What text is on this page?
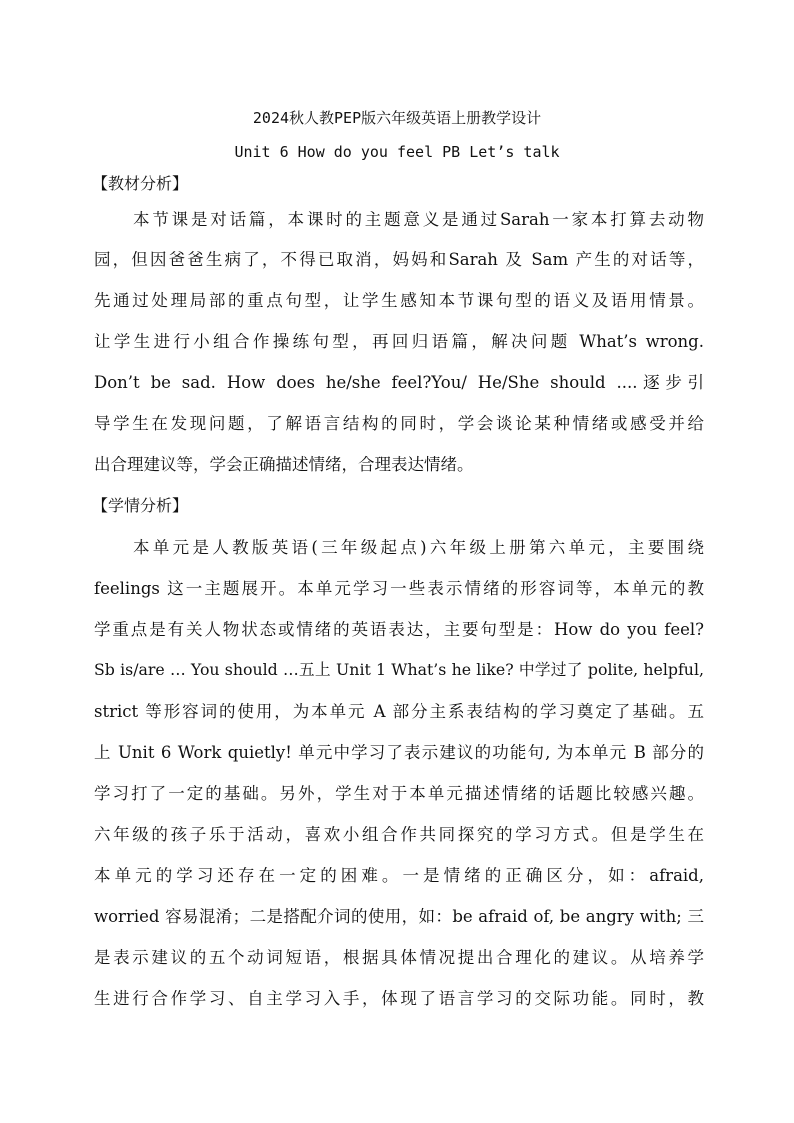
2024秋人教PEP版六年级英语上册教学设计
Unit 6 How do you feel PB Let’s talk
【教材分析】
本节课是对话篇，本课时的主题意义是通过Sarah一家本打算去动物
园，但因爸爸生病了，不得已取消，妈妈和Sarah 及 Sam 产生的对话等，
先通过处理局部的重点句型，让学生感知本节课句型的语义及语用情景。
让学生进行小组合作操练句型，再回归语篇，解决问题 What’s wrong.
Don’t be sad. How does he/she feel?You/ He/She should ....逐步引
导学生在发现问题，了解语言结构的同时，学会谈论某种情绪或感受并给
出合理建议等，学会正确描述情绪，合理表达情绪。
【学情分析】
本单元是人教版英语(三年级起点)六年级上册第六单元，主要围绕
feelings 这一主题展开。本单元学习一些表示情绪的形容词等，本单元的教
学重点是有关人物状态或情绪的英语表达，主要句型是：How do you feel?
Sb is/are … You should …五上 Unit 1 What’s he like? 中学过了 polite, helpful,
strict 等形容词的使用，为本单元 A 部分主系表结构的学习奠定了基础。五
上 Unit 6 Work quietly! 单元中学习了表示建议的功能句, 为本单元 B 部分的
学习打了一定的基础。另外，学生对于本单元描述情绪的话题比较感兴趣。
六年级的孩子乐于活动，喜欢小组合作共同探究的学习方式。但是学生在
本单元的学习还存在一定的困难。一是情绪的正确区分，如：afraid,
worried 容易混淆；二是搭配介词的使用，如：be afraid of, be angry with; 三
是表示建议的五个动词短语，根据具体情况提出合理化的建议。从培养学
生进行合作学习、自主学习入手，体现了语言学习的交际功能。同时，教
